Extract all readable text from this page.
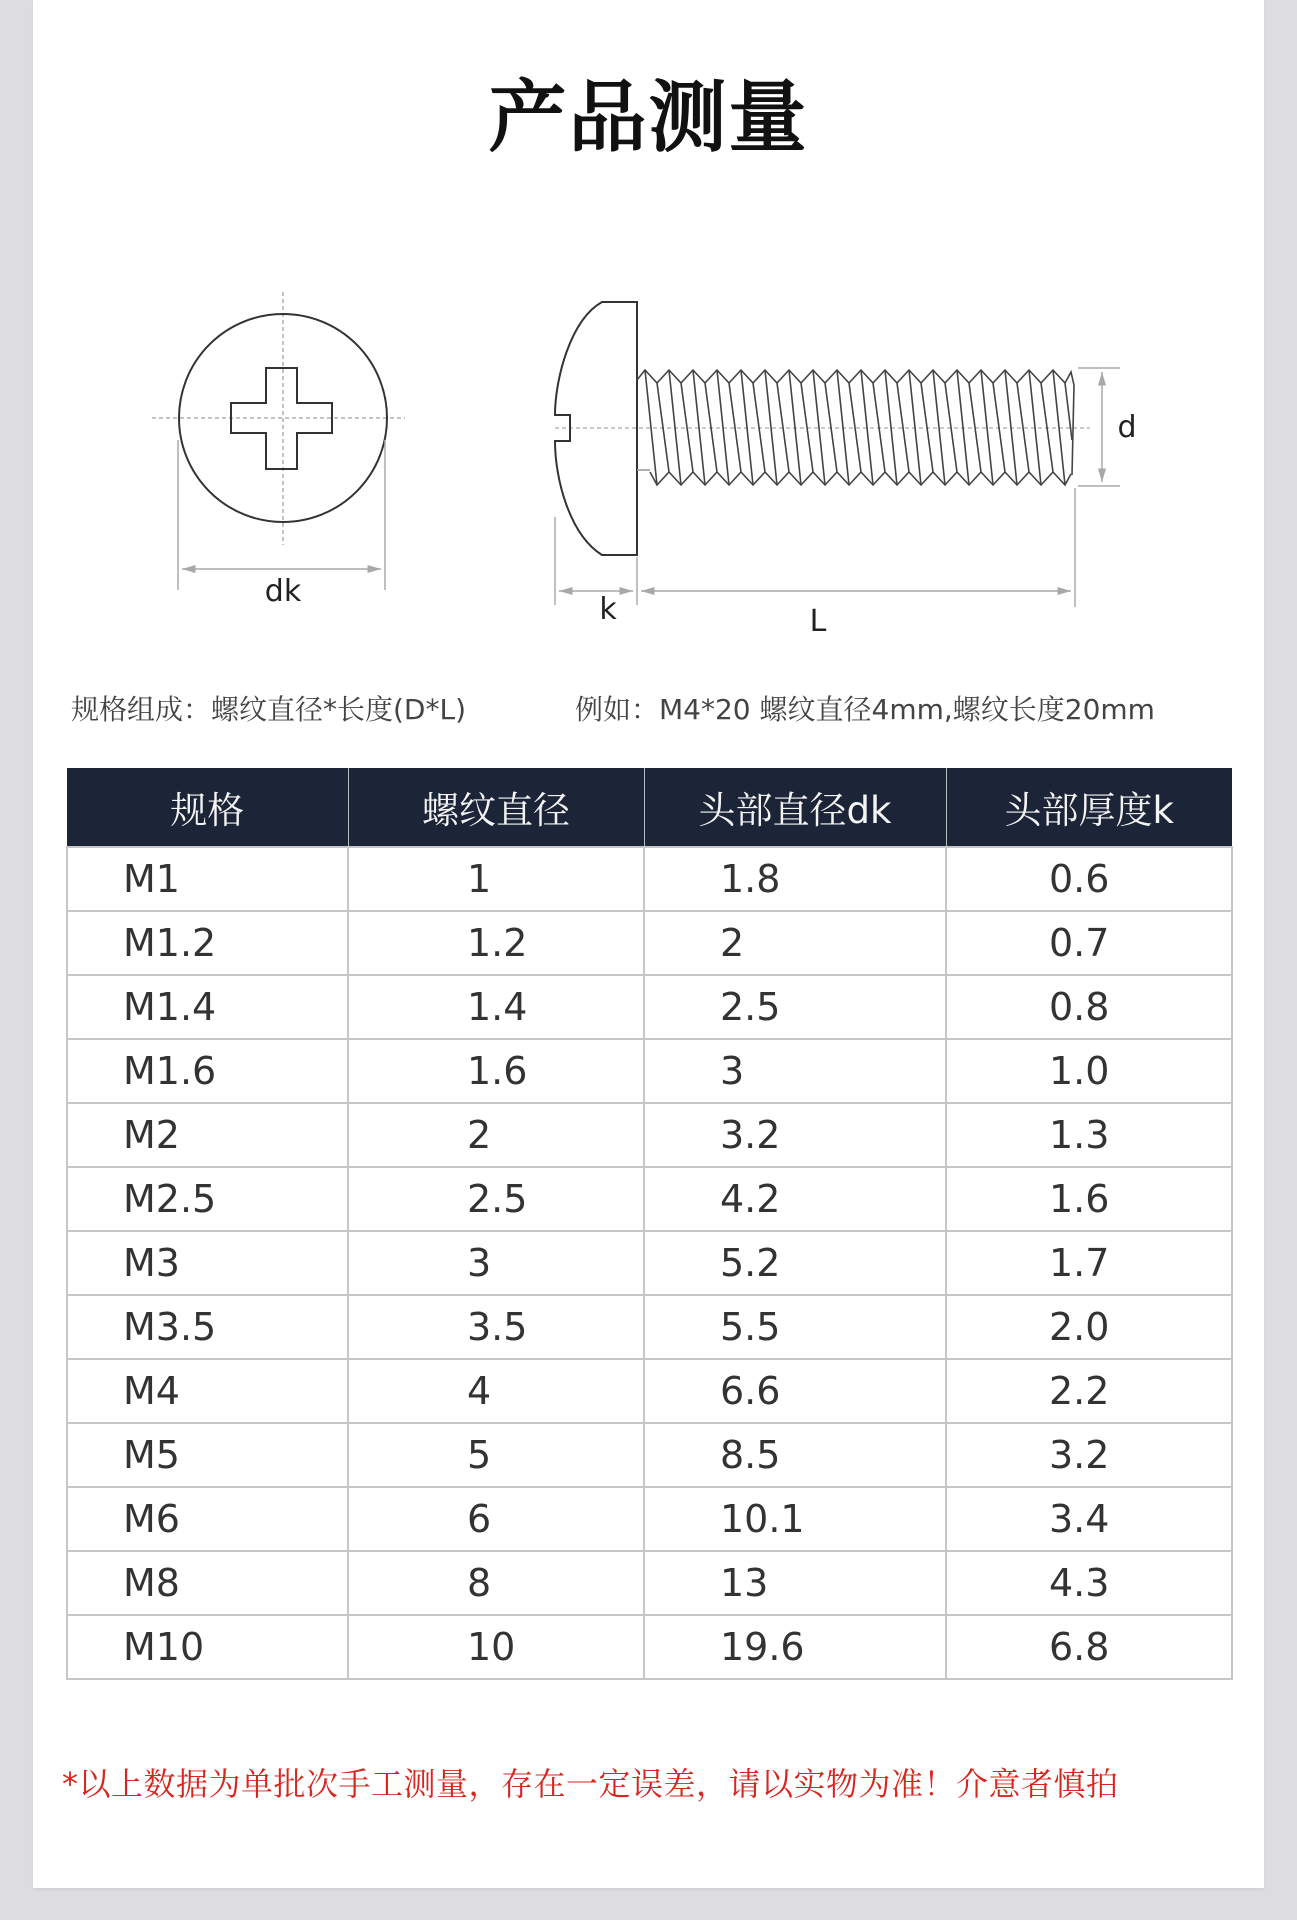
产品测量
dk
k	L
d
规格组成：螺纹直径*长度(D*L)	例如：M4*20 螺纹直径4mm,螺纹长度20mm
规格	螺纹直径	头部直径dk	头部厚度k
M1	1	1.8	0.6
M1.2	1.2	2	0.7
M1.4	1.4	2.5	0.8
M1.6	1.6	3	1.0
M2	2	3.2	1.3
M2.5	2.5	4.2	1.6
M3	3	5.2	1.7
M3.5	3.5	5.5	2.0
M4	4	6.6	2.2
M5	5	8.5	3.2
M6	6	10.1	3.4
M8	8	13	4.3
M10	10	19.6	6.8
*以上数据为单批次手工测量，存在一定误差，请以实物为准！介意者慎拍
